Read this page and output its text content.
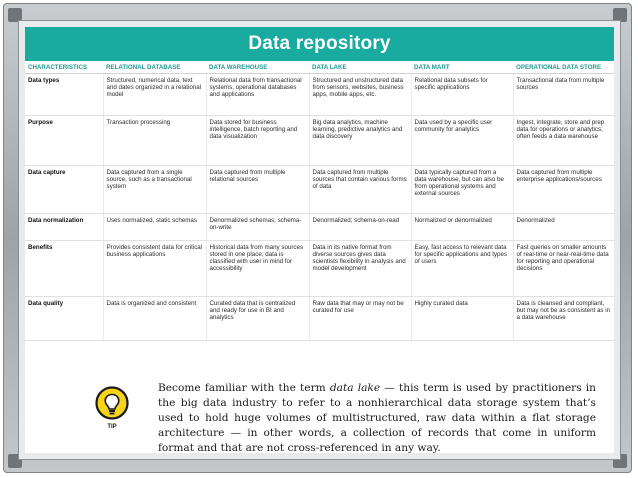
Data repository
CHARACTERISTICS	RELATIONAL DATABASE	DATA WAREHOUSE	DATA LAKE	DATA MART	OPERATIONAL DATA STORE
Data types	Structured, numerical data, text and dates organized in a relational model	Relational data from transactional systems, operational databases and applications	Structured and unstructured data from sensors, websites, business apps, mobile apps, etc.	Relational data subsets for specific applications	Transactional data from multiple sources
Purpose	Transaction processing	Data stored for business intelligence, batch reporting and data visualization	Big data analytics, machine learning, predictive analytics and data discovery	Data used by a specific user community for analytics	Ingest, integrate, store and prep data for operations or analytics; often feeds a data warehouse
Data capture	Data captured from a single source, such as a transactional system	Data captured from multiple relational sources	Data captured from multiple sources that contain various forms of data	Data typically captured from a data warehouse, but can also be from operational systems and external sources	Data captured from multiple enterprise applications/sources
Data normalization	Uses normalized, static schemas	Denormalized schemas; schema-on-write	Denormalized; schema-on-read	Normalized or denormalized	Denormalized
Benefits	Provides consistent data for critical business applications	Historical data from many sources stored in one place; data is classified with user in mind for accessibility	Data in its native format from diverse sources gives data scientists flexibility in analysis and model development	Easy, fast access to relevant data for specific applications and types of users	Fast queries on smaller amounts of real-time or near-real-time data for reporting and operational decisions
Data quality	Data is organized and consistent	Curated data that is centralized and ready for use in BI and analytics	Raw data that may or may not be curated for use	Highly curated data	Data is cleansed and compliant, but may not be as consistent as in a data warehouse
TIP
Become familiar with the term data lake — this term is used by practitioners in the big data industry to refer to a nonhierarchical data storage system that’s used to hold huge volumes of multistructured, raw data within a flat storage architecture — in other words, a collection of records that come in uniform format and that are not cross-referenced in any way.
